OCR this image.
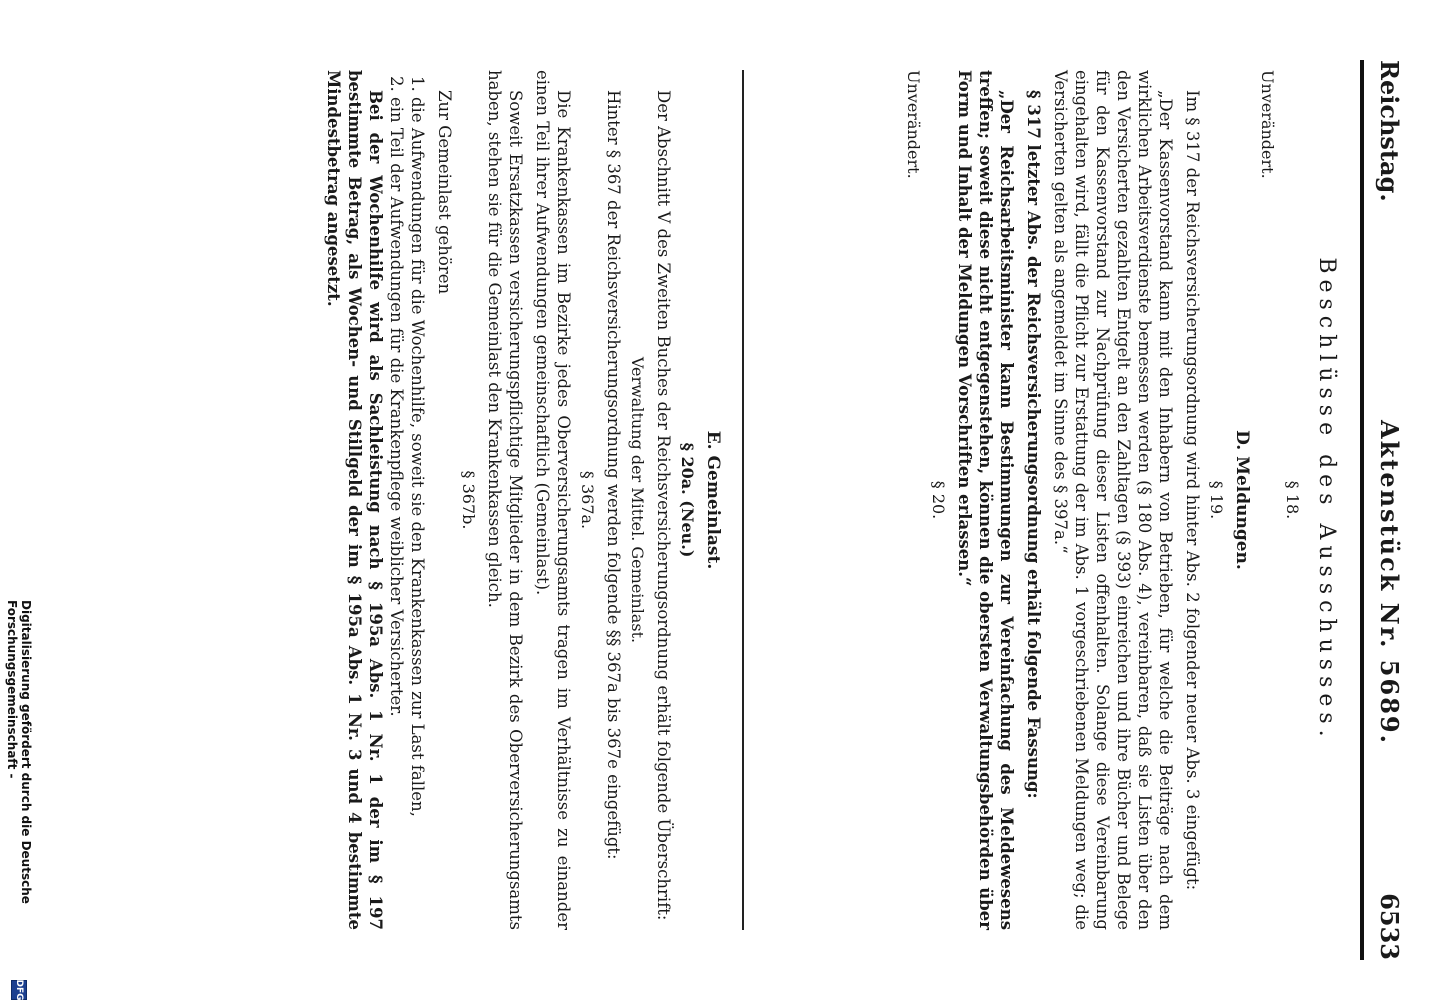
Reichstag.
Aktenstück Nr. 5689.
6533
Beschlüsse des Ausschusses.
§ 18.
Unverändert.
D. Meldungen.
§ 19.

Im § 317 der Reichsversicherungsordnung wird hinter Abs. 2 folgender neuer Abs. 3 eingefügt:

„Der Kassenvorstand kann mit den Inhabern von Betrieben, für welche die Beiträge nach dem wirklichen Arbeitsverdienste bemessen werden (§ 180 Abs. 4), vereinbaren, daß sie Listen über den den Versicherten gezahlten Entgelt an den Zahltagen (§ 393) einreichen und ihre Bücher und Belege für den Kassenvorstand zur Nachprüfung dieser Listen offenhalten. Solange diese Vereinbarung eingehalten wird, fällt die Pflicht zur Erstattung der im Abs. 1 vorgeschriebenen Meldungen weg; die Versicherten gelten als angemeldet im Sinne des § 397a.“

§ 317 letzter Abs. der Reichsversicherungsordnung erhält folgende Fassung:

„Der Reichsarbeitsminister kann Bestimmungen zur Vereinfachung des Meldewesens treffen; soweit diese nicht entgegenstehen, können die obersten Verwaltungsbehörden über Form und Inhalt der Meldungen Vorschriften erlassen.“

§ 20.
Unverändert.
E. Gemeinlast.
§ 20a. (Neu.)

Der Abschnitt V des Zweiten Buches der Reichsversicherungsordnung erhält folgende Überschrift:

Verwaltung der Mittel. Gemeinlast.

Hinter § 367 der Reichsversicherungsordnung werden folgende §§ 367a bis 367e eingefügt:

§ 367a.

Die Krankenkassen im Bezirke jedes Oberversicherungsamts tragen im Verhältnisse zu einander einen Teil ihrer Aufwendungen gemeinschaftlich (Gemeinlast).

Soweit Ersatzkassen versicherungspflichtige Mitglieder in dem Bezirk des Oberversicherungsamts haben, stehen sie für die Gemeinlast den Krankenkassen gleich.

§ 367b.

Zur Gemeinlast gehören

1. die Aufwendungen für die Wochenhilfe, soweit sie den Krankenkassen zur Last fallen,

2. ein Teil der Aufwendungen für die Krankenpflege weiblicher Versicherter.

Bei der Wochenhilfe wird als Sachleistung nach § 195a Abs. 1 Nr. 1 der im § 197 bestimmte Betrag, als Wochen- und Stillgeld der im § 195a Abs. 1 Nr. 3 und 4 bestimmte Mindestbetrag angesetzt.

Digitalisierung gefördert durch die Deutsche Forschungsgemeinschaft -
DFG
